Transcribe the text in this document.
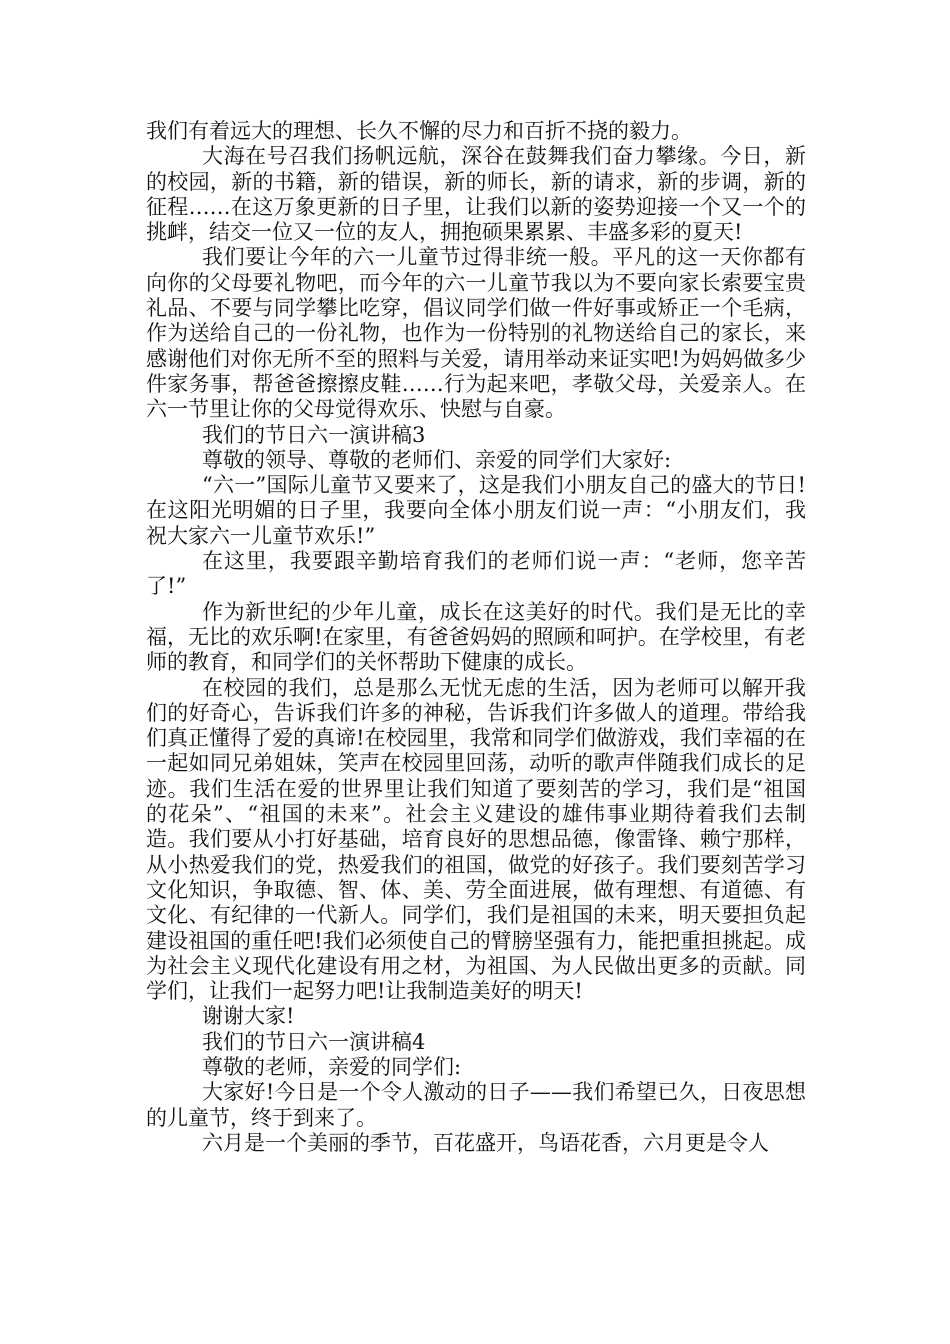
我们有着远大的理想、长久不懈的尽力和百折不挠的毅力。

大海在号召我们扬帆远航，深谷在鼓舞我们奋力攀缘。今日，新的校园，新的书籍，新的错误，新的师长，新的请求，新的步调，新的征程……在这万象更新的日子里，让我们以新的姿势迎接一个又一个的挑衅，结交一位又一位的友人，拥抱硕果累累、丰盛多彩的夏天!

我们要让今年的六一儿童节过得非统一般。平凡的这一天你都有向你的父母要礼物吧，而今年的六一儿童节我以为不要向家长索要宝贵礼品、不要与同学攀比吃穿，倡议同学们做一件好事或矫正一个毛病，作为送给自己的一份礼物，也作为一份特别的礼物送给自己的家长，来感谢他们对你无所不至的照料与关爱，请用举动来证实吧!为妈妈做多少件家务事，帮爸爸擦擦皮鞋……行为起来吧，孝敬父母，关爱亲人。在六一节里让你的父母觉得欢乐、快慰与自豪。

我们的节日六一演讲稿3

尊敬的领导、尊敬的老师们、亲爱的同学们大家好:

“六一”国际儿童节又要来了，这是我们小朋友自己的盛大的节日!在这阳光明媚的日子里，我要向全体小朋友们说一声：“小朋友们，我祝大家六一儿童节欢乐!”

在这里，我要跟辛勤培育我们的老师们说一声：“老师，您辛苦了!”

作为新世纪的少年儿童，成长在这美好的时代。我们是无比的幸福，无比的欢乐啊!在家里，有爸爸妈妈的照顾和呵护。在学校里，有老师的教育，和同学们的关怀帮助下健康的成长。

在校园的我们，总是那么无忧无虑的生活，因为老师可以解开我们的好奇心，告诉我们许多的神秘，告诉我们许多做人的道理。带给我们真正懂得了爱的真谛!在校园里，我常和同学们做游戏，我们幸福的在一起如同兄弟姐妹，笑声在校园里回荡，动听的歌声伴随我们成长的足迹。我们生活在爱的世界里让我们知道了要刻苦的学习，我们是“祖国的花朵”、“祖国的未来”。社会主义建设的雄伟事业期待着我们去制造。我们要从小打好基础，培育良好的思想品德，像雷锋、赖宁那样，从小热爱我们的党，热爱我们的祖国，做党的好孩子。我们要刻苦学习文化知识，争取德、智、体、美、劳全面进展，做有理想、有道德、有文化、有纪律的一代新人。同学们，我们是祖国的未来，明天要担负起建设祖国的重任吧!我们必须使自己的臂膀坚强有力，能把重担挑起。成为社会主义现代化建设有用之材，为祖国、为人民做出更多的贡献。同学们，让我们一起努力吧!让我制造美好的明天!

谢谢大家!

我们的节日六一演讲稿4

尊敬的老师，亲爱的同学们:

大家好!今日是一个令人激动的日子——我们希望已久，日夜思想的儿童节，终于到来了。

六月是一个美丽的季节，百花盛开，鸟语花香，六月更是令人
